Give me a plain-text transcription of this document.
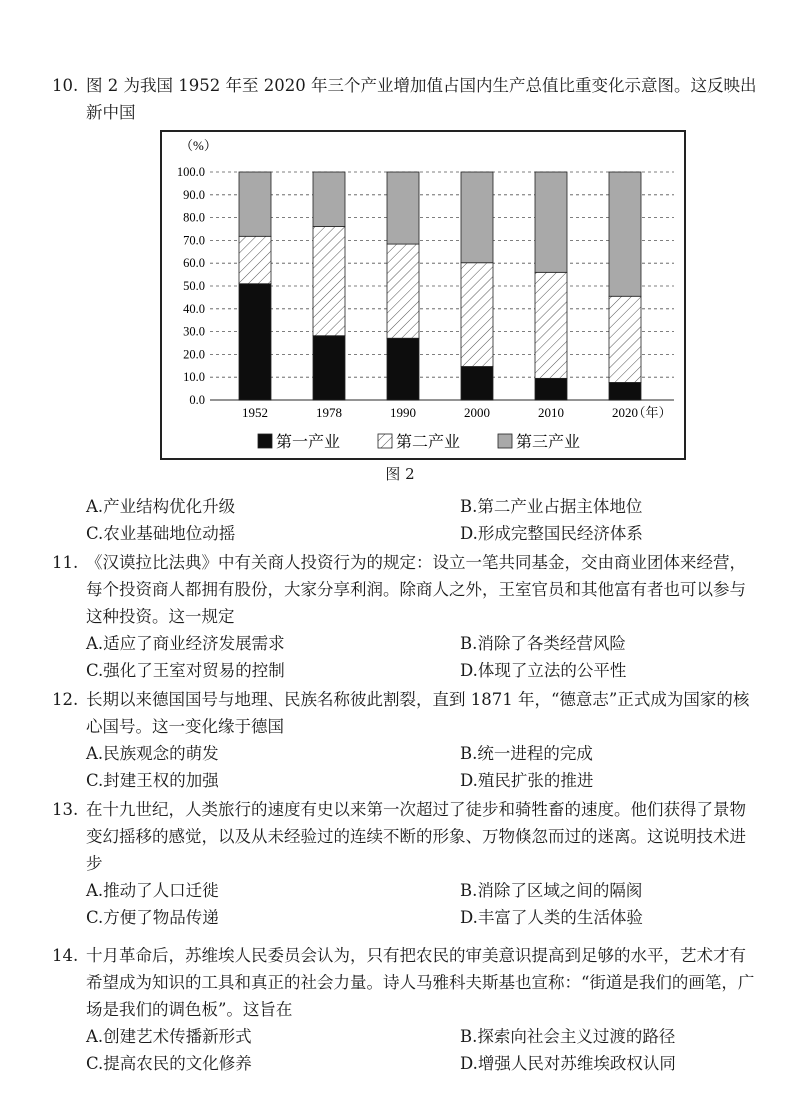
10. 图 2 为我国 1952 年至 2020 年三个产业增加值占国内生产总值比重变化示意图。这反映出新中国
（%）
0.0
10.0
20.0
30.0
40.0
50.0
60.0
70.0
80.0
90.0
100.0
1952	1978	1990	2000	2010	2020
（年）
第一产业	第二产业	第三产业
图 2
A.产业结构优化升级	B.第二产业占据主体地位
C.农业基础地位动摇	D.形成完整国民经济体系
11. 《汉谟拉比法典》中有关商人投资行为的规定：设立一笔共同基金，交由商业团体来经营，每个投资商人都拥有股份，大家分享利润。除商人之外，王室官员和其他富有者也可以参与这种投资。这一规定
A.适应了商业经济发展需求	B.消除了各类经营风险
C.强化了王室对贸易的控制	D.体现了立法的公平性
12. 长期以来德国国号与地理、民族名称彼此割裂，直到 1871 年，“德意志”正式成为国家的核心国号。这一变化缘于德国
A.民族观念的萌发	B.统一进程的完成
C.封建王权的加强	D.殖民扩张的推进
13. 在十九世纪，人类旅行的速度有史以来第一次超过了徒步和骑牲畜的速度。他们获得了景物变幻摇移的感觉，以及从未经验过的连续不断的形象、万物倏忽而过的迷离。这说明技术进步
A.推动了人口迁徙	B.消除了区域之间的隔阂
C.方便了物品传递	D.丰富了人类的生活体验
14. 十月革命后，苏维埃人民委员会认为，只有把农民的审美意识提高到足够的水平，艺术才有希望成为知识的工具和真正的社会力量。诗人马雅科夫斯基也宣称：“街道是我们的画笔，广场是我们的调色板”。这旨在
A.创建艺术传播新形式	B.探索向社会主义过渡的路径
C.提高农民的文化修养	D.增强人民对苏维埃政权认同
